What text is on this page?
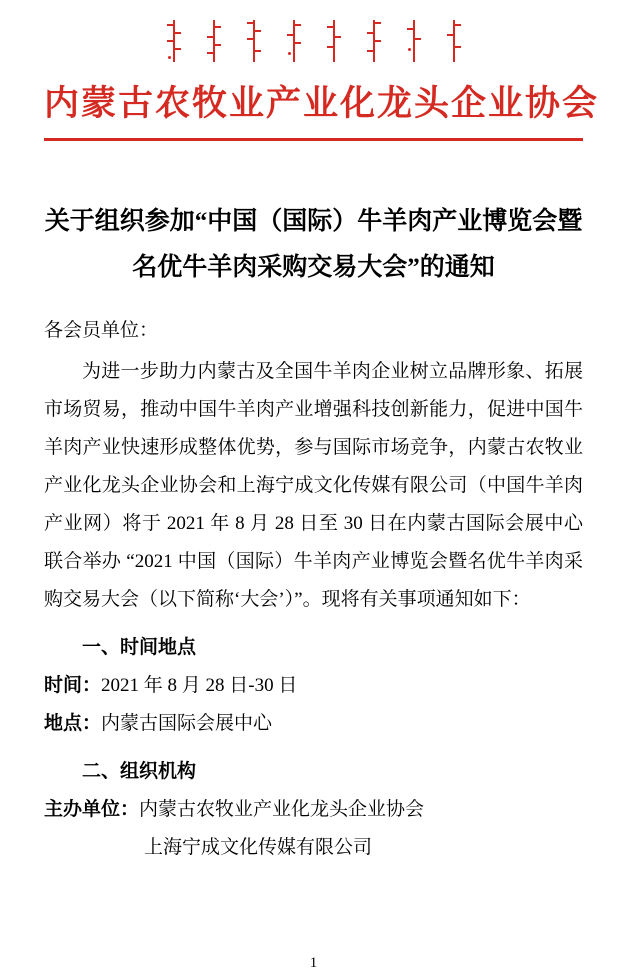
内蒙古农牧业产业化龙头企业协会
关于组织参加“中国（国际）牛羊肉产业博览会暨名优牛羊肉采购交易大会”的通知
各会员单位：
为进一步助力内蒙古及全国牛羊肉企业树立品牌形象、拓展市场贸易，推动中国牛羊肉产业增强科技创新能力，促进中国牛羊肉产业快速形成整体优势，参与国际市场竞争，内蒙古农牧业产业化龙头企业协会和上海宁成文化传媒有限公司（中国牛羊肉产业网）将于 2021 年 8 月 28 日至 30 日在内蒙古国际会展中心联合举办 “2021 中国（国际）牛羊肉产业博览会暨名优牛羊肉采购交易大会（以下简称‘大会’）”。现将有关事项通知如下：
一、时间地点
时间：2021 年 8 月 28 日-30 日
地点：内蒙古国际会展中心
二、组织机构
主办单位：内蒙古农牧业产业化龙头企业协会
上海宁成文化传媒有限公司
1
